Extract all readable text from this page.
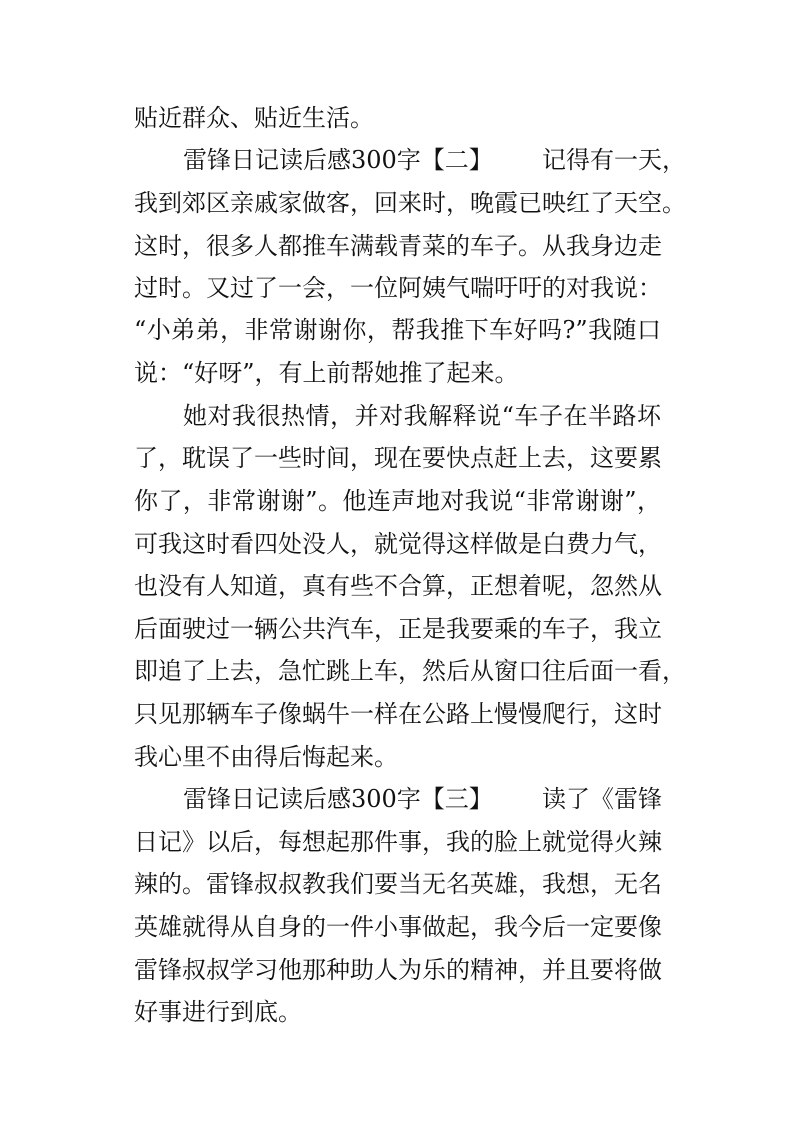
贴近群众、贴近生活。

雷锋日记读后感300字【二】

记得有一天，

我到郊区亲戚家做客，回来时，晚霞已映红了天空。

这时，很多人都推车满载青菜的车子。从我身边走

过时。又过了一会，一位阿姨气喘吁吁的对我说：

“小弟弟，非常谢谢你，帮我推下车好吗?”我随口

说：“好呀”，有上前帮她推了起来。

她对我很热情，并对我解释说“车子在半路坏

了，耽误了一些时间，现在要快点赶上去，这要累

你了，非常谢谢”。他连声地对我说“非常谢谢”，

可我这时看四处没人，就觉得这样做是白费力气，

也没有人知道，真有些不合算，正想着呢，忽然从

后面驶过一辆公共汽车，正是我要乘的车子，我立

即追了上去，急忙跳上车，然后从窗口往后面一看，

只见那辆车子像蜗牛一样在公路上慢慢爬行，这时

我心里不由得后悔起来。

雷锋日记读后感300字【三】

读了《雷锋

日记》以后，每想起那件事，我的脸上就觉得火辣

辣的。雷锋叔叔教我们要当无名英雄，我想，无名

英雄就得从自身的一件小事做起，我今后一定要像

雷锋叔叔学习他那种助人为乐的精神，并且要将做

好事进行到底。
